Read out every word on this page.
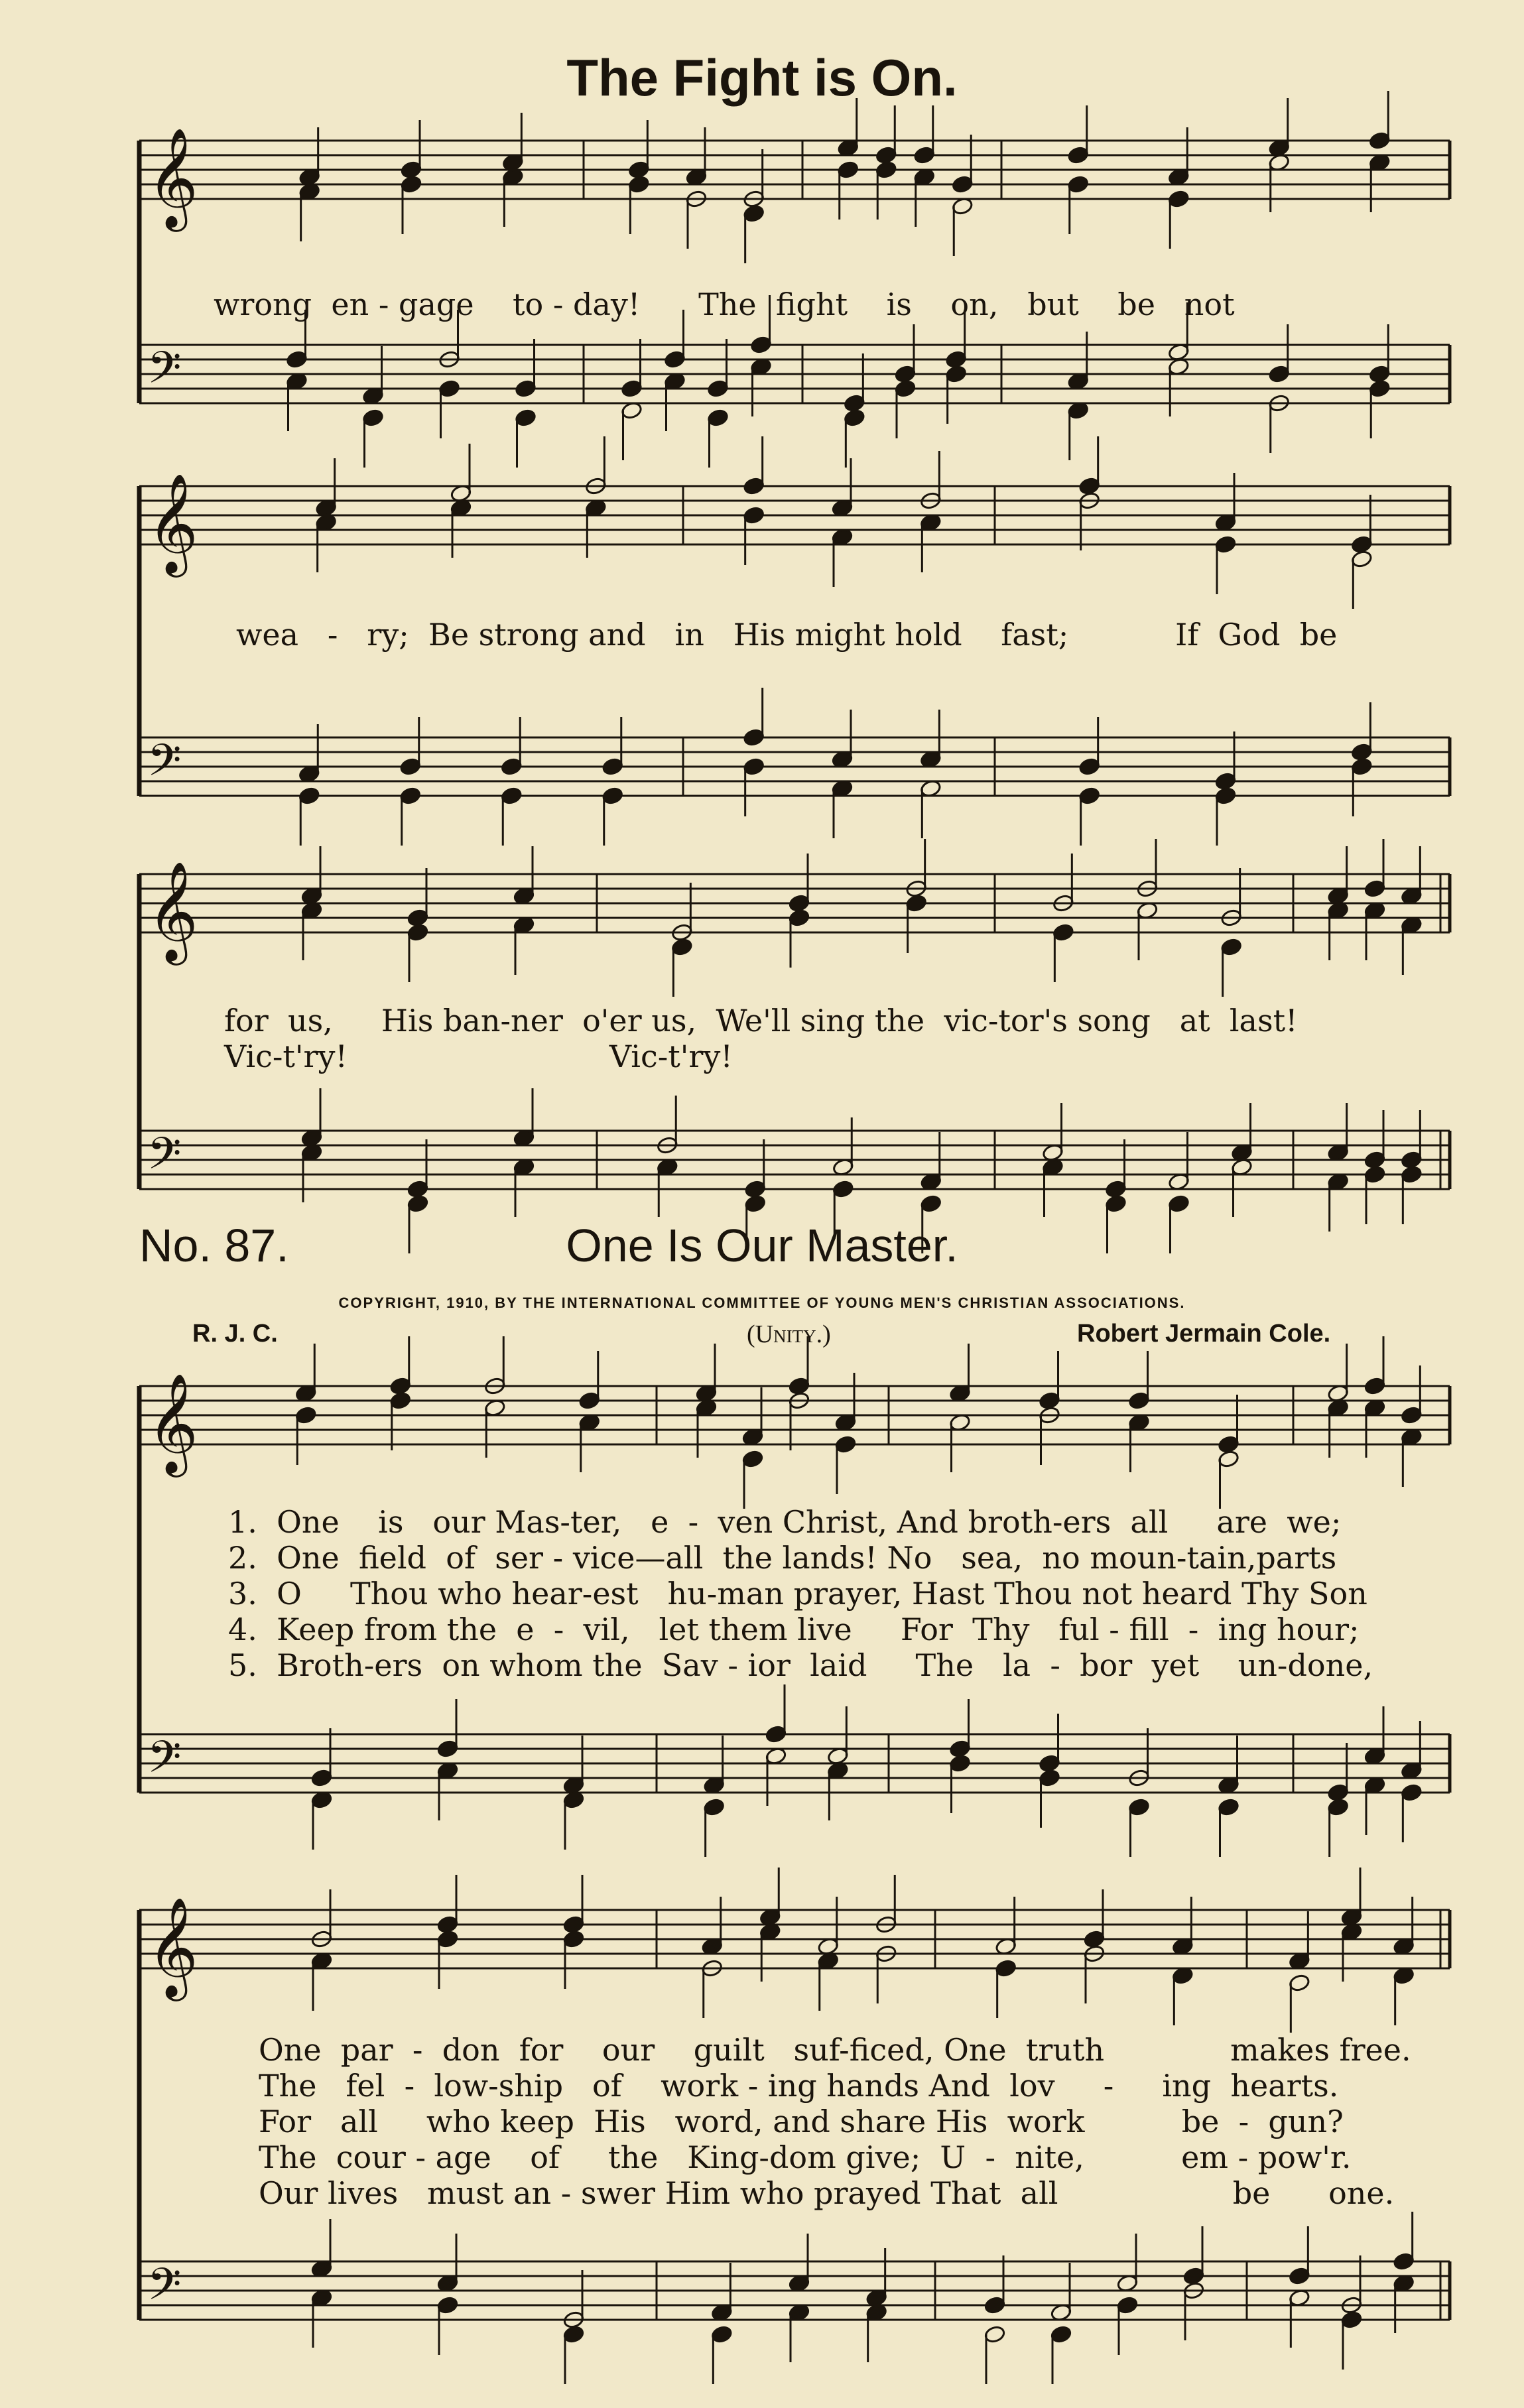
𝄞
𝄢
𝄞
𝄢
𝄞
𝄢
𝄞
𝄢
𝄞
𝄢
The Fight is On.
wrong  en - gage    to - day!      The  fight    is    on,   but    be   not
wea   -   ry;  Be strong and   in   His might hold    fast;           If  God  be
for  us,     His ban-ner  o'er us,  We'll sing the  vic-tor's song   at  last!
Vic-t'ry!                           Vic-t'ry!
No. 87.	One Is Our Master.
COPYRIGHT, 1910, BY THE INTERNATIONAL COMMITTEE OF YOUNG MEN'S CHRISTIAN ASSOCIATIONS.
R. J. C.	(Unity.)	Robert Jermain Cole.
1.  One    is   our Mas-ter,   e  -  ven Christ, And broth-ers  all     are  we;
2.  One  field  of  ser - vice—all  the lands! No   sea,  no moun-tain,parts
3.  O     Thou who hear-est   hu-man prayer, Hast Thou not heard Thy Son
4.  Keep from the  e  -  vil,   let them live     For  Thy   ful - fill  -  ing hour;
5.  Broth-ers  on whom the  Sav - ior  laid     The   la  -  bor  yet    un-done,
One  par  -  don  for    our    guilt   suf-ficed, One  truth             makes free.
The   fel  -  low-ship   of    work - ing hands And  lov     -     ing  hearts.
For   all     who keep  His   word, and share His  work          be  -  gun?
The  cour - age    of     the   King-dom give;  U  -  nite,          em - pow'r.
Our lives   must an - swer Him who prayed That  all                  be      one.
